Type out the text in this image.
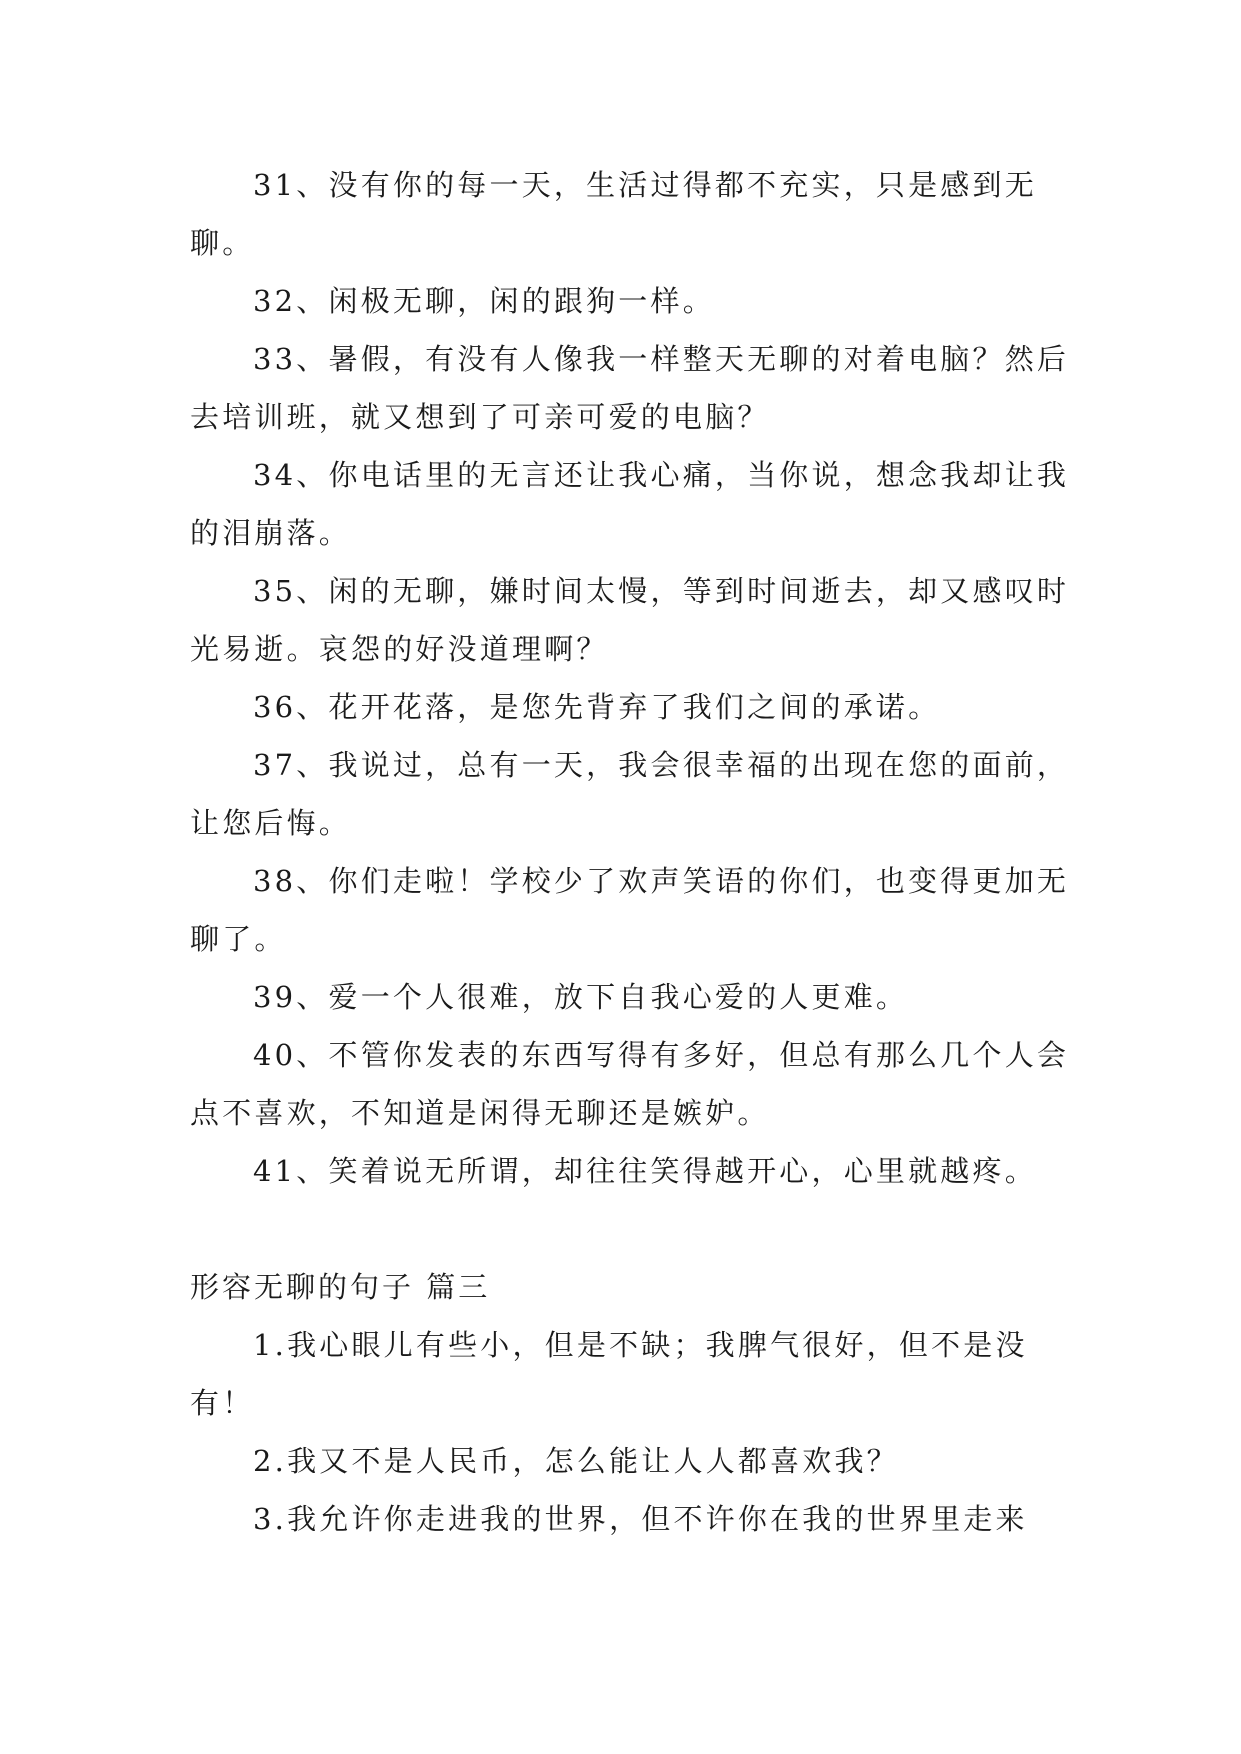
31、没有你的每一天，生活过得都不充实，只是感到无聊。

32、闲极无聊，闲的跟狗一样。

33、暑假，有没有人像我一样整天无聊的对着电脑？然后去培训班，就又想到了可亲可爱的电脑？

34、你电话里的无言还让我心痛，当你说，想念我却让我的泪崩落。

35、闲的无聊，嫌时间太慢，等到时间逝去，却又感叹时光易逝。哀怨的好没道理啊？

36、花开花落，是您先背弃了我们之间的承诺。

37、我说过，总有一天，我会很幸福的出现在您的面前，让您后悔。

38、你们走啦！学校少了欢声笑语的你们，也变得更加无聊了。

39、爱一个人很难，放下自我心爱的人更难。

40、不管你发表的东西写得有多好，但总有那么几个人会点不喜欢，不知道是闲得无聊还是嫉妒。

41、笑着说无所谓，却往往笑得越开心，心里就越疼。

形容无聊的句子 篇三

1.我心眼儿有些小，但是不缺；我脾气很好，但不是没有！

2.我又不是人民币，怎么能让人人都喜欢我？

3.我允许你走进我的世界，但不许你在我的世界里走来
